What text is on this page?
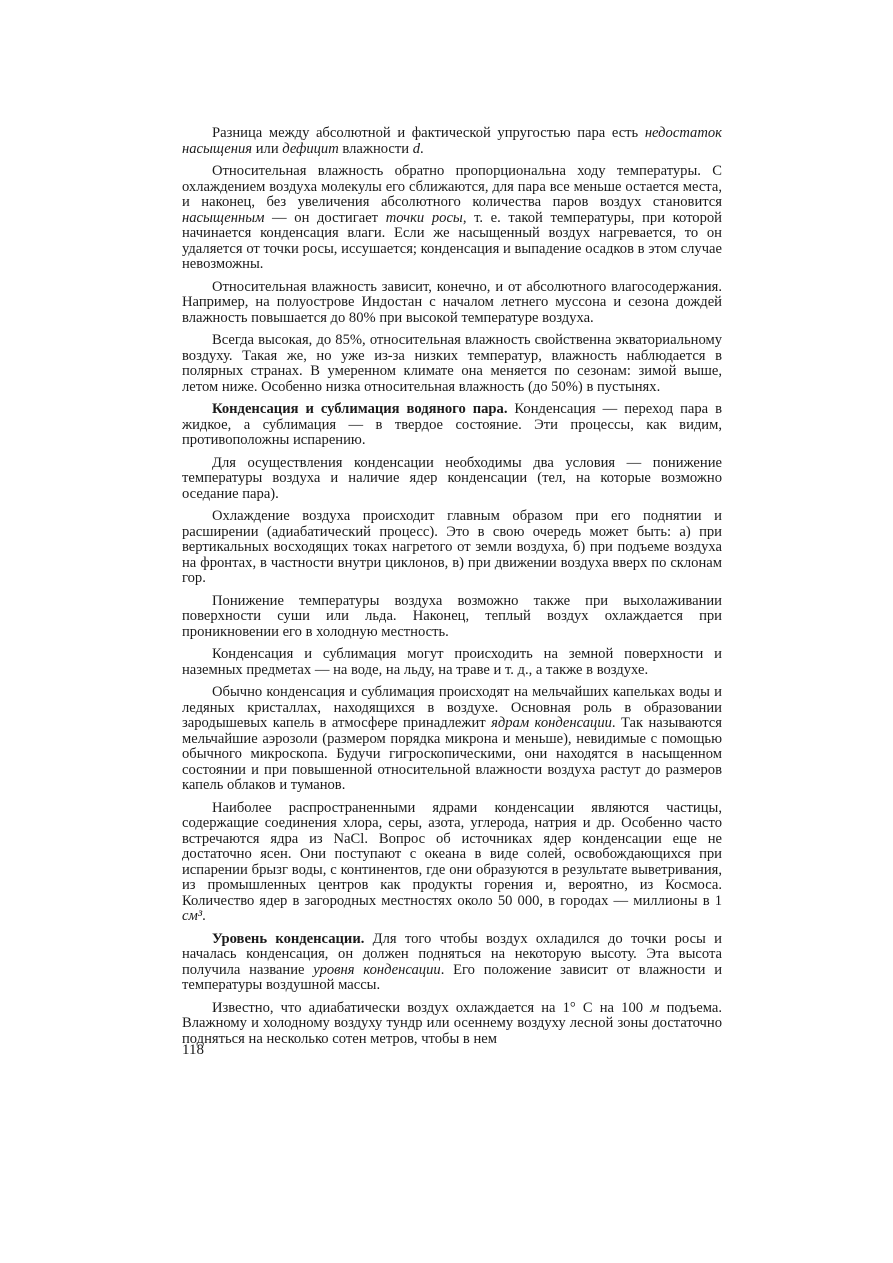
Разница между абсолютной и фактической упругостью пара есть недостаток насыщения или дефицит влажности d.

Относительная влажность обратно пропорциональна ходу температуры. С охлаждением воздуха молекулы его сближаются, для пара все меньше остается места, и наконец, без увеличения абсолютного количества паров воздух становится насыщенным — он достигает точки росы, т. е. такой температуры, при которой начинается конденсация влаги. Если же насыщенный воздух нагревается, то он удаляется от точки росы, иссушается; конденсация и выпадение осадков в этом случае невозможны.

Относительная влажность зависит, конечно, и от абсолютного влагосодержания. Например, на полуострове Индостан с началом летнего муссона и сезона дождей влажность повышается до 80% при высокой температуре воздуха.

Всегда высокая, до 85%, относительная влажность свойственна экваториальному воздуху. Такая же, но уже из-за низких температур, влажность наблюдается в полярных странах. В умеренном климате она меняется по сезонам: зимой выше, летом ниже. Особенно низка относительная влажность (до 50%) в пустынях.

Конденсация и сублимация водяного пара. Конденсация — переход пара в жидкое, а сублимация — в твердое состояние. Эти процессы, как видим, противоположны испарению.

Для осуществления конденсации необходимы два условия — понижение температуры воздуха и наличие ядер конденсации (тел, на которые возможно оседание пара).

Охлаждение воздуха происходит главным образом при его поднятии и расширении (адиабатический процесс). Это в свою очередь может быть: а) при вертикальных восходящих токах нагретого от земли воздуха, б) при подъеме воздуха на фронтах, в частности внутри циклонов, в) при движении воздуха вверх по склонам гор.

Понижение температуры воздуха возможно также при выхолаживании поверхности суши или льда. Наконец, теплый воздух охлаждается при проникновении его в холодную местность.

Конденсация и сублимация могут происходить на земной поверхности и наземных предметах — на воде, на льду, на траве и т. д., а также в воздухе.

Обычно конденсация и сублимация происходят на мельчайших капельках воды и ледяных кристаллах, находящихся в воздухе. Основная роль в образовании зародышевых капель в атмосфере принадлежит ядрам конденсации. Так называются мельчайшие аэрозоли (размером порядка микрона и меньше), невидимые с помощью обычного микроскопа. Будучи гигроскопическими, они находятся в насыщенном состоянии и при повышенной относительной влажности воздуха растут до размеров капель облаков и туманов.

Наиболее распространенными ядрами конденсации являются частицы, содержащие соединения хлора, серы, азота, углерода, натрия и др. Особенно часто встречаются ядра из NaCl. Вопрос об источниках ядер конденсации еще не достаточно ясен. Они поступают с океана в виде солей, освобождающихся при испарении брызг воды, с континентов, где они образуются в результате выветривания, из промышленных центров как продукты горения и, вероятно, из Космоса. Количество ядер в загородных местностях около 50 000, в городах — миллионы в 1 см³.

Уровень конденсации. Для того чтобы воздух охладился до точки росы и началась конденсация, он должен подняться на некоторую высоту. Эта высота получила название уровня конденсации. Его положение зависит от влажности и температуры воздушной массы.

Известно, что адиабатически воздух охлаждается на 1° С на 100 м подъема. Влажному и холодному воздуху тундр или осеннему воздуху лесной зоны достаточно подняться на несколько сотен метров, чтобы в нем

118
